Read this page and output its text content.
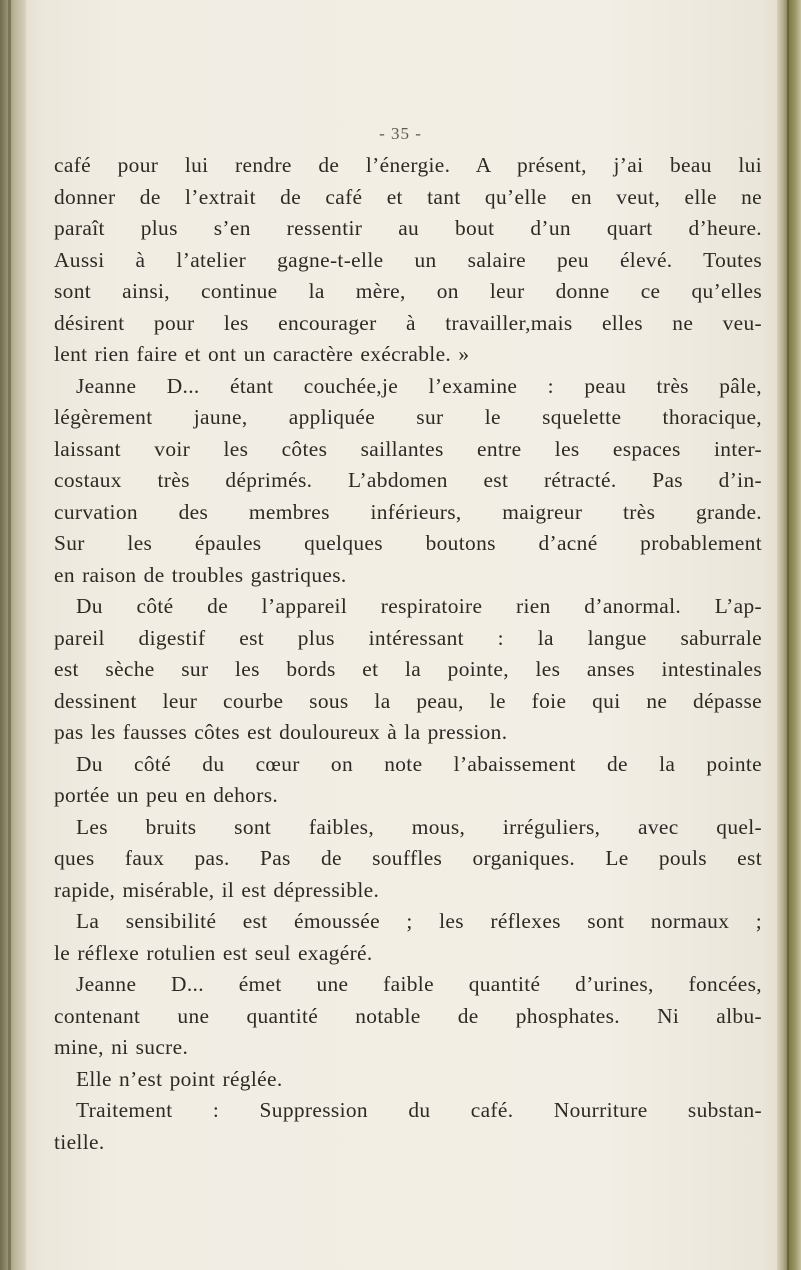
- 35 -
café pour lui rendre de l’énergie. A présent, j’ai beau lui
donner de l’extrait de café et tant qu’elle en veut, elle ne
paraît plus s’en ressentir au bout d’un quart d’heure.
Aussi à l’atelier gagne-t-elle un salaire peu élevé. Toutes
sont ainsi, continue la mère, on leur donne ce qu’elles
désirent pour les encourager à travailler,mais elles ne veu-
lent rien faire et ont un caractère exécrable. »
Jeanne D... étant couchée,je l’examine : peau très pâle,
légèrement jaune, appliquée sur le squelette thoracique,
laissant voir les côtes saillantes entre les espaces inter-
costaux très déprimés. L’abdomen est rétracté. Pas d’in-
curvation des membres inférieurs, maigreur très grande.
Sur les épaules quelques boutons d’acné probablement
en raison de troubles gastriques.
Du côté de l’appareil respiratoire rien d’anormal. L’ap-
pareil digestif est plus intéressant : la langue saburrale
est sèche sur les bords et la pointe, les anses intestinales
dessinent leur courbe sous la peau, le foie qui ne dépasse
pas les fausses côtes est douloureux à la pression.
Du côté du cœur on note l’abaissement de la pointe
portée un peu en dehors.
Les bruits sont faibles, mous, irréguliers, avec quel-
ques faux pas. Pas de souffles organiques. Le pouls est
rapide, misérable, il est dépressible.
La sensibilité est émoussée ; les réflexes sont normaux ;
le réflexe rotulien est seul exagéré.
Jeanne D... émet une faible quantité d’urines, foncées,
contenant une quantité notable de phosphates. Ni albu-
mine, ni sucre.
Elle n’est point réglée.
Traitement : Suppression du café. Nourriture substan-
tielle.
